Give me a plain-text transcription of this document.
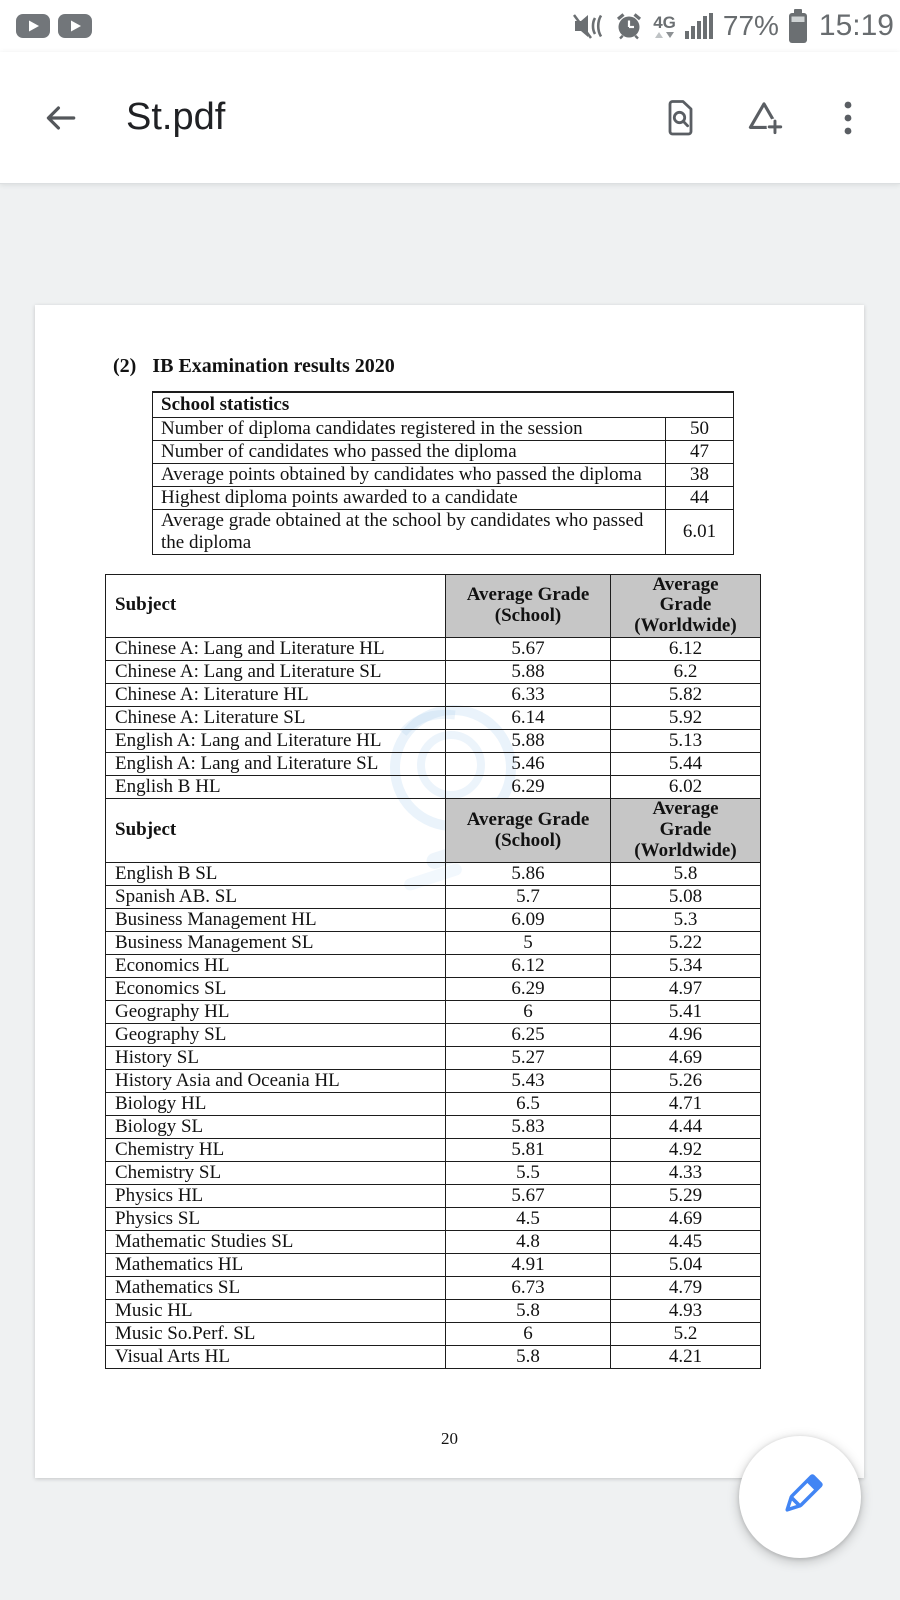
4G 77% 15:19
St.pdf
(2) IB Examination results 2020
School statistics	
Number of diploma candidates registered in the session	50
Number of candidates who passed the diploma	47
Average points obtained by candidates who passed the diploma	38
Highest diploma points awarded to a candidate	44
Average grade obtained at the school by candidates who passed the diploma	6.01
Subject	Average Grade (School)	Average Grade (Worldwide)
Chinese A: Lang and Literature HL	5.67	6.12
Chinese A: Lang and Literature SL	5.88	6.2
Chinese A: Literature HL	6.33	5.82
Chinese A: Literature SL	6.14	5.92
English A: Lang and Literature HL	5.88	5.13
English A: Lang and Literature SL	5.46	5.44
English B HL	6.29	6.02
Subject	Average Grade (School)	Average Grade (Worldwide)
English B SL	5.86	5.8
Spanish AB. SL	5.7	5.08
Business Management HL	6.09	5.3
Business Management SL	5	5.22
Economics HL	6.12	5.34
Economics SL	6.29	4.97
Geography HL	6	5.41
Geography SL	6.25	4.96
History SL	5.27	4.69
History Asia and Oceania HL	5.43	5.26
Biology HL	6.5	4.71
Biology SL	5.83	4.44
Chemistry HL	5.81	4.92
Chemistry SL	5.5	4.33
Physics HL	5.67	5.29
Physics SL	4.5	4.69
Mathematic Studies SL	4.8	4.45
Mathematics HL	4.91	5.04
Mathematics SL	6.73	4.79
Music HL	5.8	4.93
Music So.Perf. SL	6	5.2
Visual Arts HL	5.8	4.21
20
